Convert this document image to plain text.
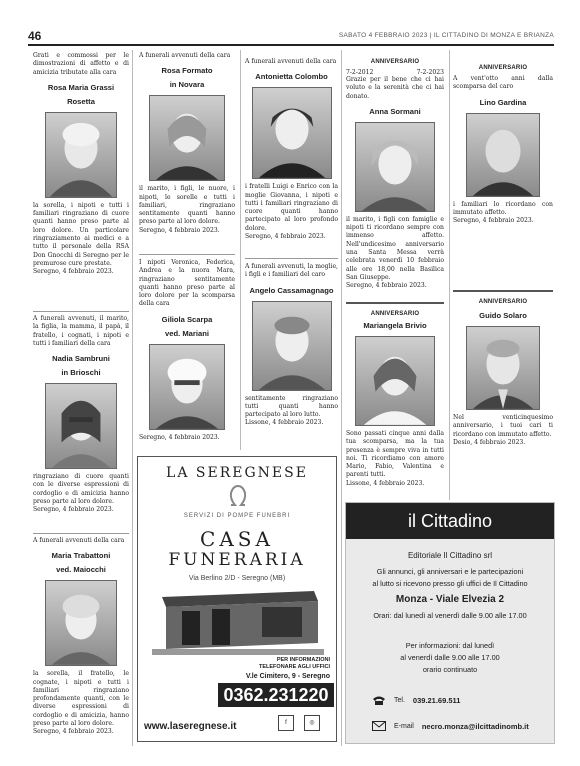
46	SABATO 4 FEBBRAIO 2023 | IL CITTADINO DI MONZA E BRIANZA
Grati e commossi per le dimostrazioni di affetto e di amicizia tributate alla cara
Rosa Maria Grassi
Rosetta
la sorella, i nipoti e tutti i familiari ringraziano di cuore quanti hanno preso parte al loro dolore. Un particolare ringraziamento ai medici e a tutto il personale della RSA Don Gnocchi di Seregno per le premurose cure prestate.
Seregno, 4 febbraio 2023.
A funerali avvenuti, il marito, la figlia, la mamma, il papà, il fratello, i cognati, i nipoti e tutti i familiari della cara
Nadia Sambruni
in Brioschi
ringraziano di cuore quanti con le diverse espressioni di cordoglio e di amicizia hanno preso parte al loro dolore.
Seregno, 4 febbraio 2023.
A funerali avvenuti della cara
Maria Trabattoni
ved. Maiocchi
la sorella, il fratello, le cognate, i nipoti e tutti i familiari ringraziano profondamente quanti, con le diverse espressioni di cordoglio e di amicizia, hanno preso parte al loro dolore.
Seregno, 4 febbraio 2023.
A funerali avvenuti della cara
Rosa Formato
in Novara
il marito, i figli, le nuore, i nipoti, le sorelle e tutti i familiari, ringraziano sentitamente quanti hanno preso parte al loro dolore.
Seregno, 4 febbraio 2023.
I nipoti Veronica, Federica, Andrea e la nuora Mara, ringraziano sentitamente quanti hanno preso parte al loro dolore per la scomparsa della cara
Giliola Scarpa
ved. Mariani
Seregno, 4 febbraio 2023.
A funerali avvenuti della cara
Antonietta Colombo
i fratelli Luigi e Enrico con la moglie Giovanna, i nipoti e tutti i familiari ringraziano di cuore quanti hanno partecipato al loro profondo dolore.
Seregno, 4 febbraio 2023.
A funerali avvenuti, la moglie, i figli e i familiari del caro
Angelo Cassamagnago
sentitamente ringraziano tutti quanti hanno partecipato al loro lutto.
Lissone, 4 febbraio 2023.
ANNIVERSARIO
7-2-2012	7-2-2023
Grazie per il bene che ci hai voluto e la serenità che ci hai donato.
Anna Sormani
il marito, i figli con famiglie e nipoti ti ricordano sempre con immenso affetto. Nell'undicesimo anniversario una Santa Messa verrà celebrata venerdì 10 febbraio alle ore 18,00 nella Basilica San Giuseppe.
Seregno, 4 febbraio 2023.
ANNIVERSARIO
Mariangela Brivio
Sono passati cinque anni dalla tua scomparsa, ma la tua presenza è sempre viva in tutti noi. Ti ricordiamo con amore Mario, Fabio, Valentina e parenti tutti.
Lissone, 4 febbraio 2023.
ANNIVERSARIO
A vent'otto anni dalla scomparsa del caro
Lino Gardina
i familiari lo ricordano con immutato affetto.
Seregno, 4 febbraio 2023.
ANNIVERSARIO
Guido Solaro
Nel venticinquesimo anniversario, i tuoi cari ti ricordano con immutato affetto.
Desio, 4 febbraio 2023.
LA SEREGNESE
SERVIZI DI POMPE FUNEBRI
CASA
FUNERARIA
Via Berlino 2/D - Seregno (MB)
PER INFORMAZIONI
TELEFONARE AGLI UFFICI
V.le Cimitero, 9 - Seregno
0362.231220
www.laseregnese.it	f	◎
il Cittadino
Editoriale Il Cittadino srl
Gli annunci, gli anniversari e le partecipazioni
al lutto si ricevono presso gli uffici de Il Cittadino
Monza - Viale Elvezia 2
Orari: dal lunedì al venerdì dalle 9.00 alle 17.00
Per informazioni: dal lunedì
al venerdì dalle 9.00 alle 17.00
orario continuato
Tel. 039.21.69.511
E-mail necro.monza@ilcittadinomb.it
